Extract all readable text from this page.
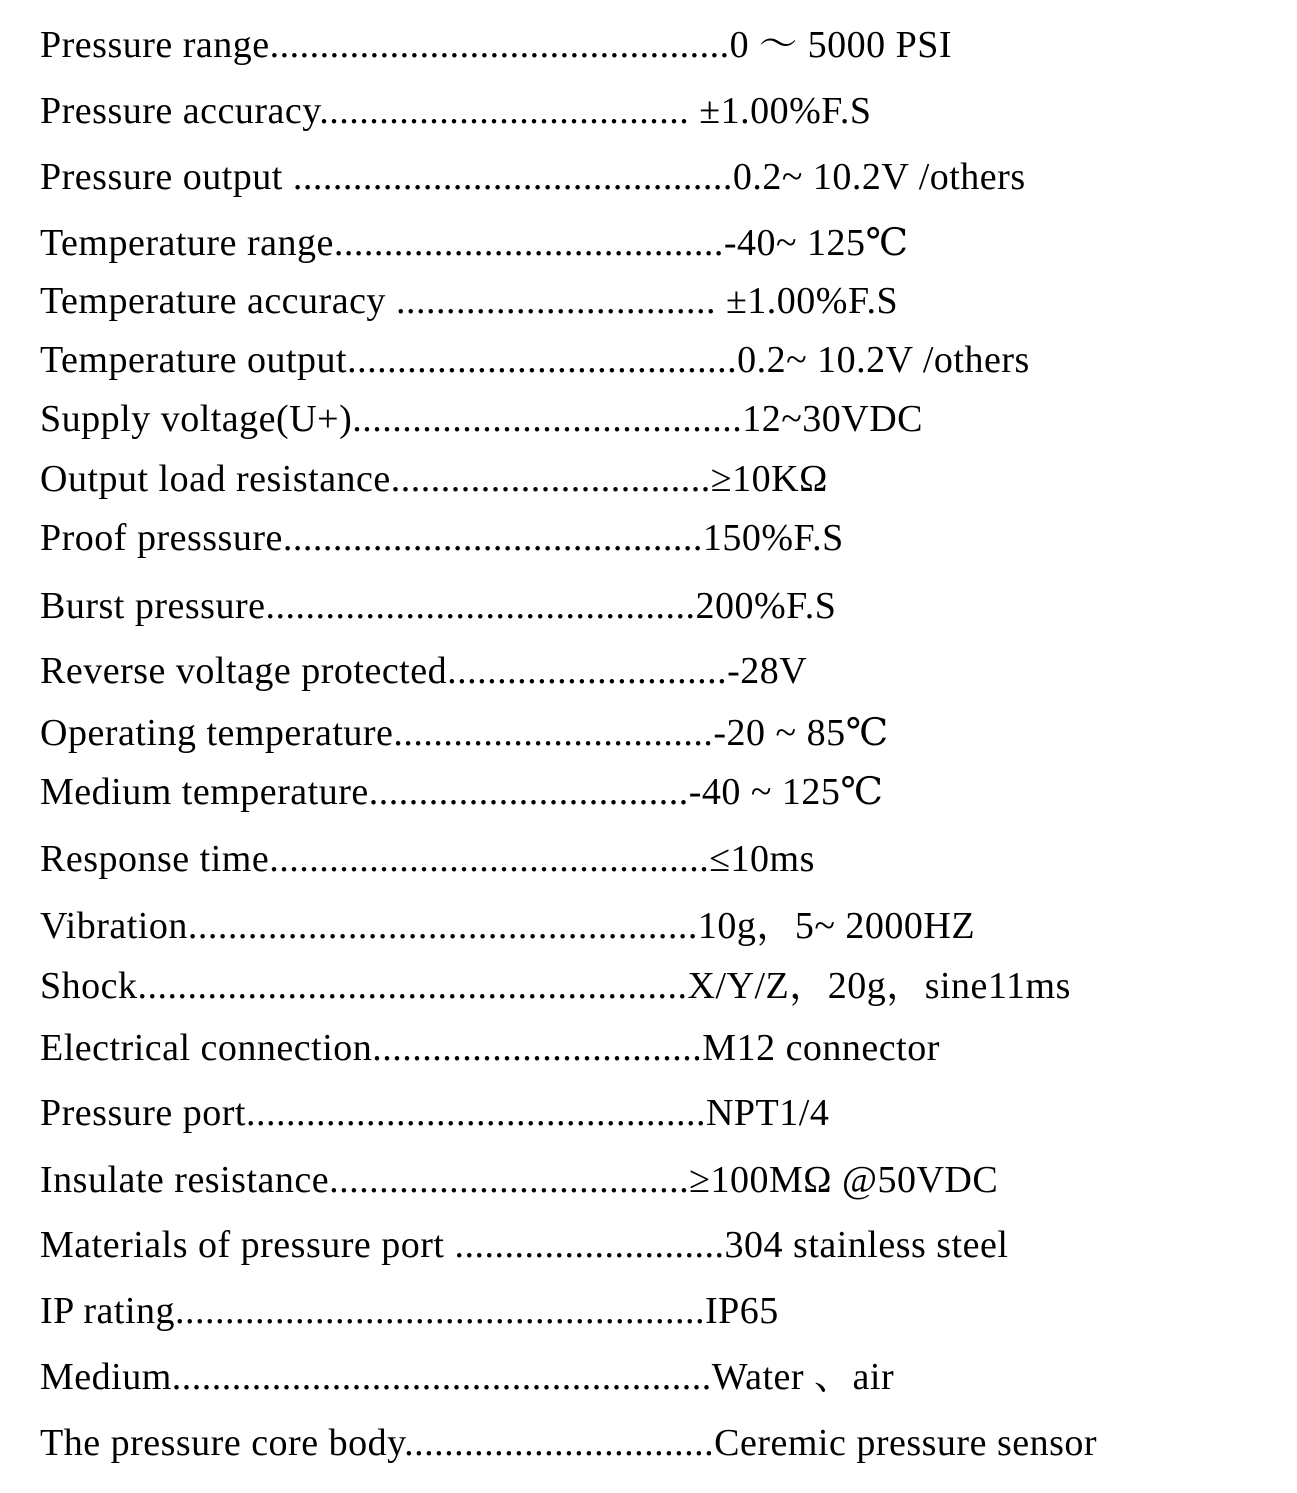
Pressure range..............................................0 ～ 5000 PSI
Pressure accuracy..................................... ±1.00%F.S
Pressure output ............................................0.2~ 10.2V /others
Temperature range.......................................-40~ 125℃
Temperature accuracy ................................ ±1.00%F.S
Temperature output.......................................0.2~ 10.2V /others
Supply voltage(U+).......................................12~30VDC
Output load resistance................................≥10KΩ
Proof presssure..........................................150%F.S
Burst pressure...........................................200%F.S
Reverse voltage protected............................-28V
Operating temperature................................-20 ~ 85℃
Medium temperature................................-40 ~ 125℃
Response time............................................≤10ms
Vibration...................................................10g，5~ 2000HZ
Shock.......................................................X/Y/Z，20g，sine11ms
Electrical connection.................................M12 connector
Pressure port..............................................NPT1/4
Insulate resistance....................................≥100MΩ @50VDC
Materials of pressure port ...........................304 stainless steel
IP rating.....................................................IP65
Medium......................................................Water 、air
The pressure core body...............................Ceremic pressure sensor
